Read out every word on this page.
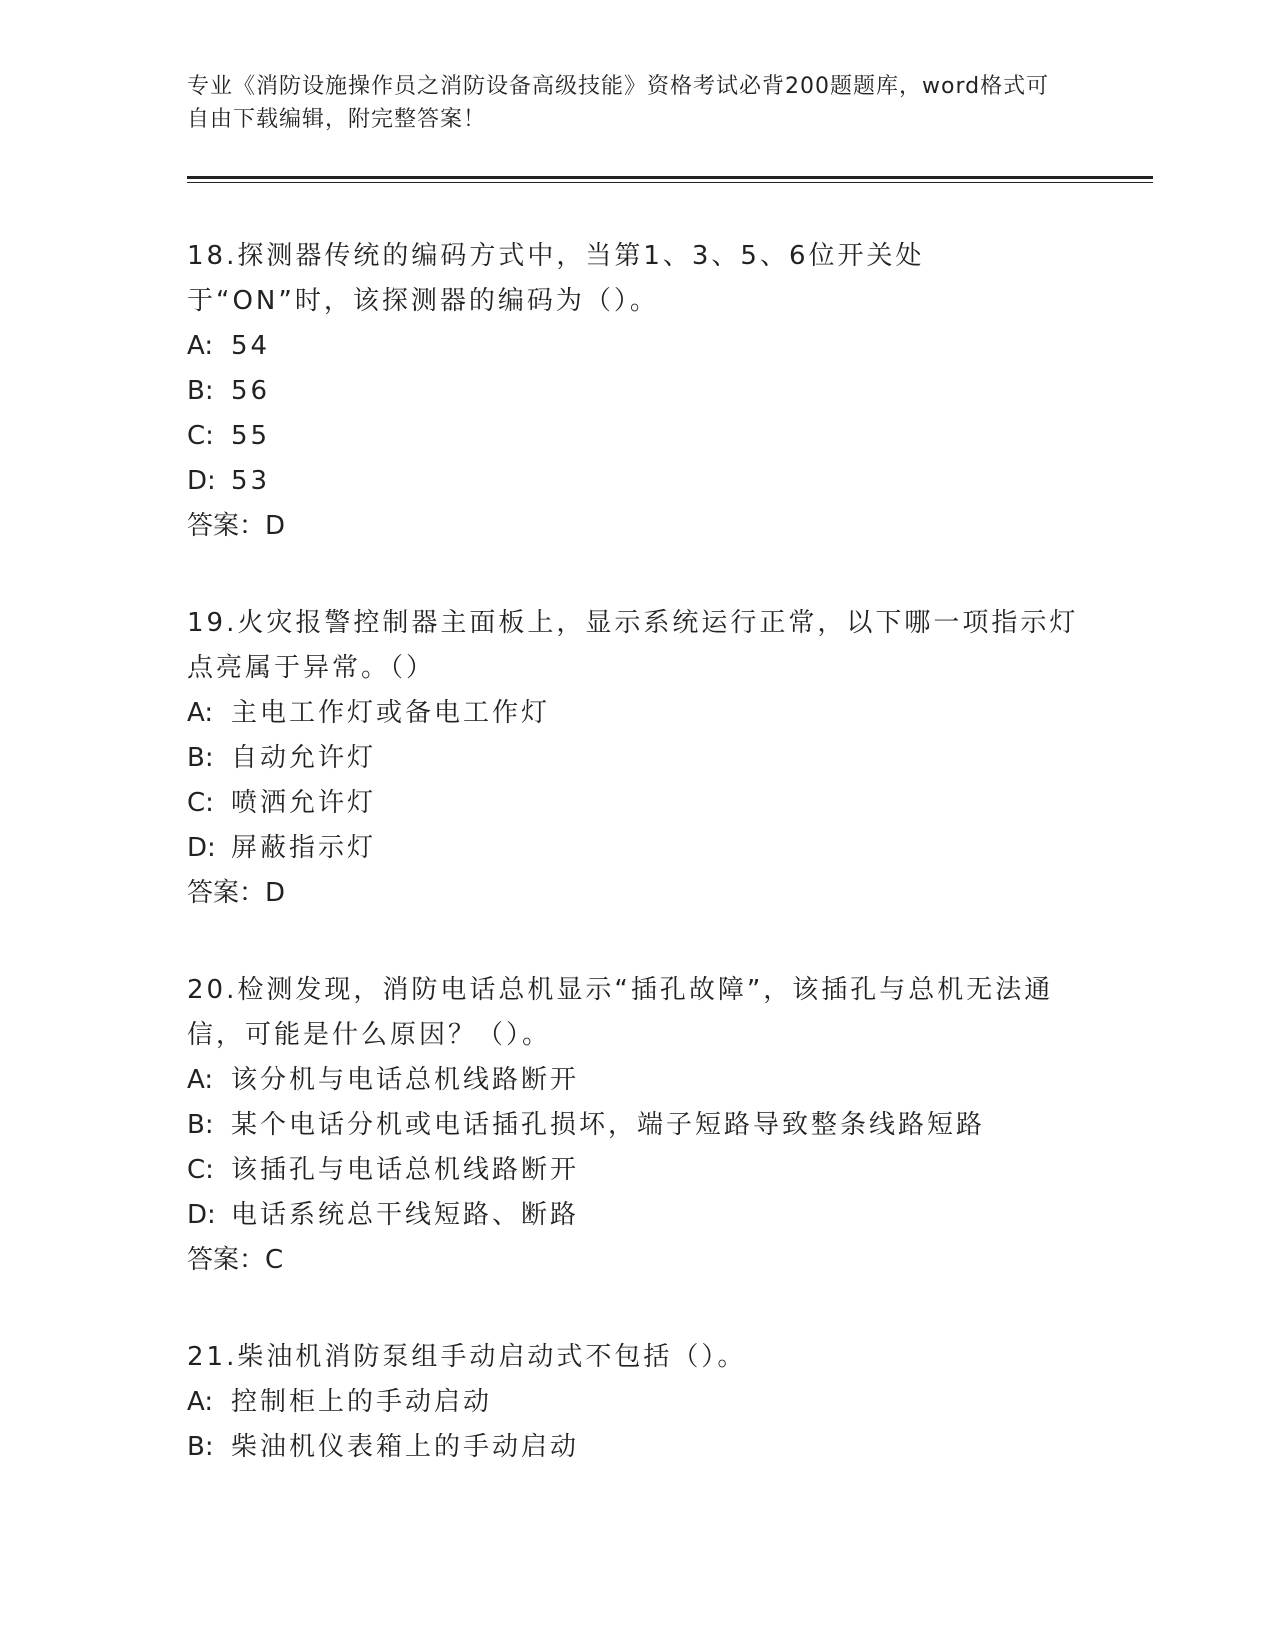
专业《消防设施操作员之消防设备高级技能》资格考试必背200题题库，word格式可自由下载编辑，附完整答案！

18.探测器传统的编码方式中，当第1、3、5、6位开关处于“ON”时，该探测器的编码为（）。

A: 54

B: 56

C: 55

D: 53

答案：D

19.火灾报警控制器主面板上，显示系统运行正常，以下哪一项指示灯点亮属于异常。（）

A: 主电工作灯或备电工作灯

B: 自动允许灯

C: 喷洒允许灯

D: 屏蔽指示灯

答案：D

20.检测发现，消防电话总机显示“插孔故障”，该插孔与总机无法通信，可能是什么原因？（）。

A: 该分机与电话总机线路断开

B: 某个电话分机或电话插孔损坏，端子短路导致整条线路短路

C: 该插孔与电话总机线路断开

D: 电话系统总干线短路、断路

答案：C

21.柴油机消防泵组手动启动式不包括（）。

A: 控制柜上的手动启动

B: 柴油机仪表箱上的手动启动
